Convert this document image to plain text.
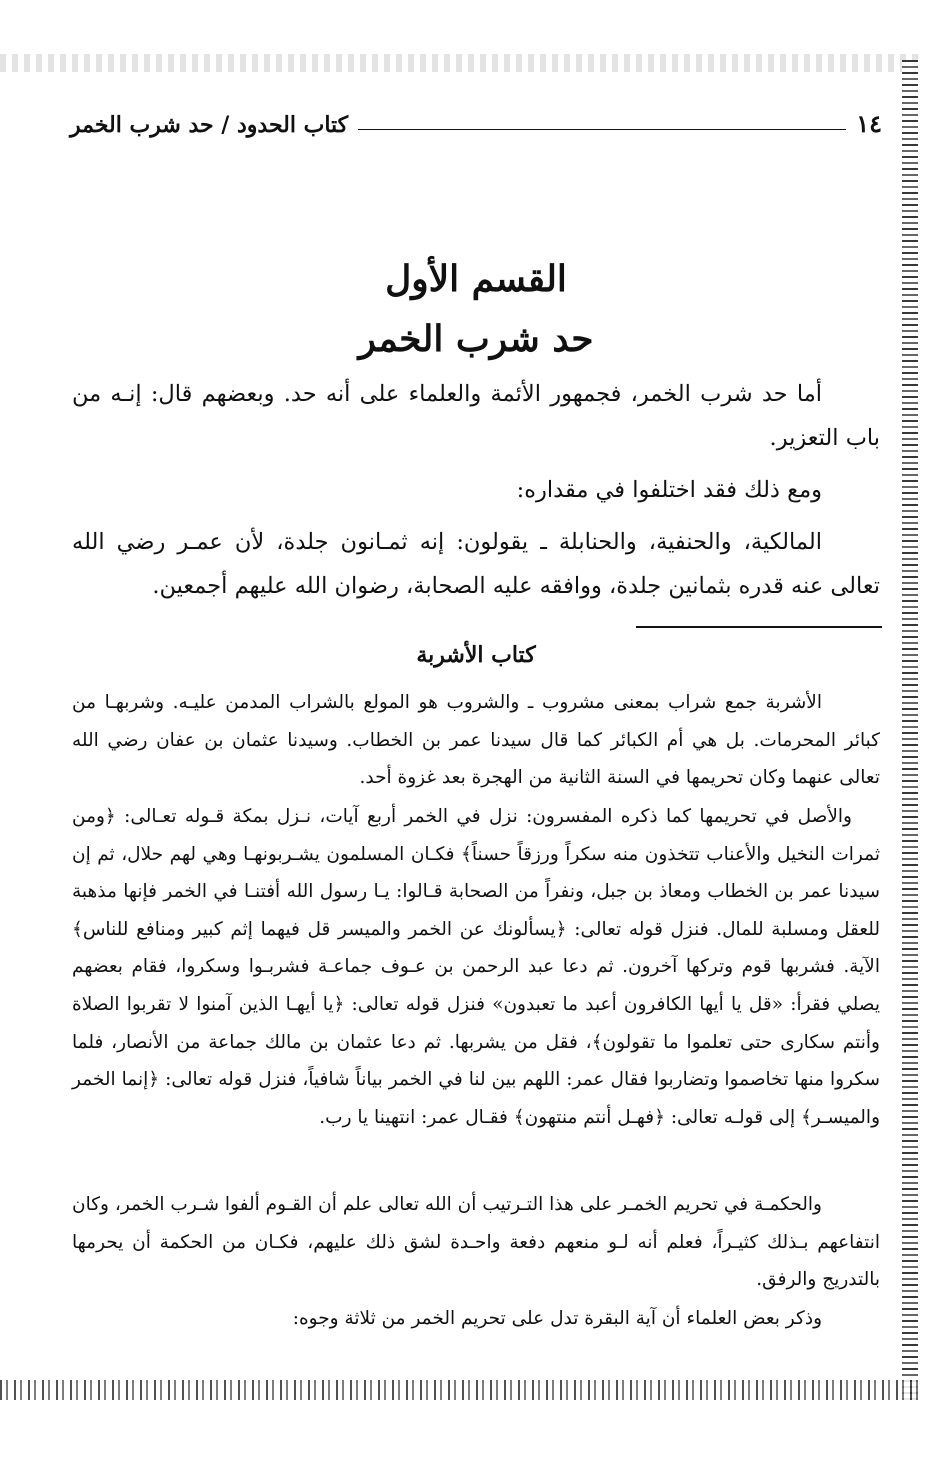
١٤
كتاب الحدود / حد شرب الخمر
القسم الأول
حد شرب الخمر

أما حد شرب الخمر، فجمهور الأئمة والعلماء على أنه حد. وبعضهم قال: إنـه من باب التعزير.

ومع ذلك فقد اختلفوا في مقداره:

المالكية، والحنفية، والحنابلة ـ يقولون: إنه ثمـانون جلدة، لأن عمـر رضي الله تعالى عنه قدره بثمانين جلدة، ووافقه عليه الصحابة، رضوان الله عليهم أجمعين.

كتاب الأشربة

الأشربة جمع شراب بمعنى مشروب ـ والشروب هو المولع بالشراب المدمن عليـه. وشربهـا من كبائر المحرمات. بل هي أم الكبائر كما قال سيدنا عمر بن الخطاب. وسيدنا عثمان بن عفان رضي الله تعالى عنهما وكان تحريمها في السنة الثانية من الهجرة بعد غزوة أحد.

والأصل في تحريمها كما ذكره المفسرون: نزل في الخمر أربع آيات، نـزل بمكة قـوله تعـالى: ﴿ومن ثمرات النخيل والأعناب تتخذون منه سكراً ورزقاً حسناً﴾ فكـان المسلمون يشـربونهـا وهي لهم حلال، ثم إن سيدنا عمر بن الخطاب ومعاذ بن جبل، ونفراً من الصحابة قـالوا: يـا رسول الله أفتنـا في الخمر فإنها مذهبة للعقل ومسلبة للمال. فنزل قوله تعالى: ﴿يسألونك عن الخمر والميسر قل فيهما إثم كبير ومنافع للناس﴾ الآية. فشربها قوم وتركها آخرون. ثم دعا عبد الرحمن بن عـوف جماعـة فشربـوا وسكروا، فقام بعضهم يصلي فقرأ: «قل يا أيها الكافرون أعبد ما تعبدون» فنزل قوله تعالى: ﴿يا أيهـا الذين آمنوا لا تقربوا الصلاة وأنتم سكارى حتى تعلموا ما تقولون﴾، فقل من يشربها. ثم دعا عثمان بن مالك جماعة من الأنصار، فلما سكروا منها تخاصموا وتضاربوا فقال عمر: اللهم بين لنا في الخمر بياناً شافياً، فنزل قوله تعالى: ﴿إنما الخمر والميسـر﴾ إلى قولـه تعالى: ﴿فهـل أنتم منتهون﴾ فقـال عمر: انتهينا يا رب.

والحكمـة في تحريم الخمـر على هذا التـرتيب أن الله تعالى علم أن القـوم ألفوا شـرب الخمر، وكان انتفاعهم بـذلك كثيـراً، فعلم أنه لـو منعهم دفعة واحـدة لشق ذلك عليهم، فكـان من الحكمة أن يحرمها بالتدريج والرفق.

وذكر بعض العلماء أن آية البقرة تدل على تحريم الخمر من ثلاثة وجوه:
